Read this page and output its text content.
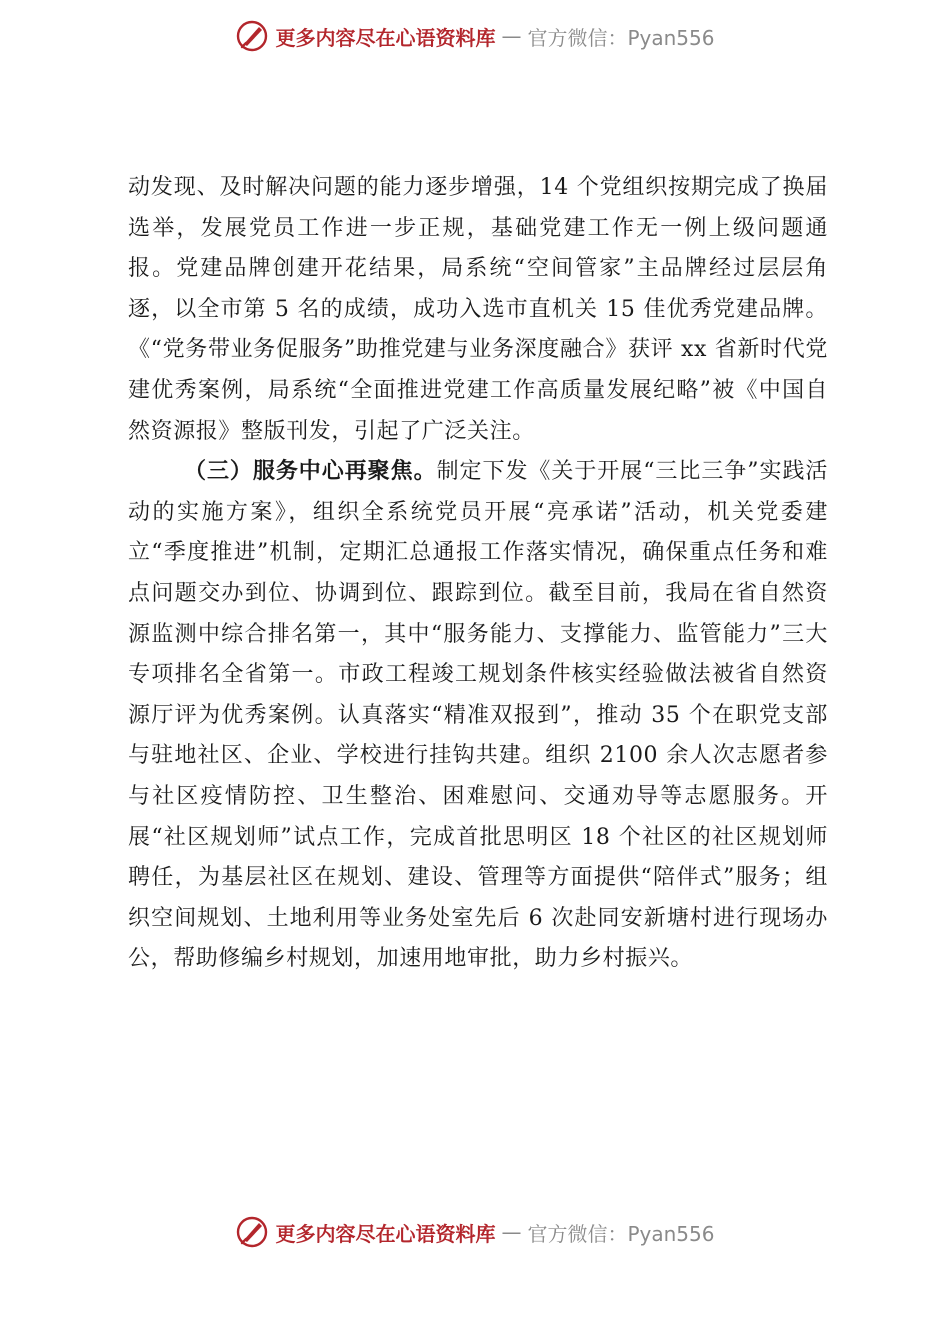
更多内容尽在心语资料库 — 官方微信：Pyan556

动发现、及时解决问题的能力逐步增强，14 个党组织按期完成了换届选举，发展党员工作进一步正规，基础党建工作无一例上级问题通报。党建品牌创建开花结果，局系统“空间管家”主品牌经过层层角逐，以全市第 5 名的成绩，成功入选市直机关 15 佳优秀党建品牌。《“党务带业务促服务”助推党建与业务深度融合》获评 xx 省新时代党建优秀案例，局系统“全面推进党建工作高质量发展纪略”被《中国自然资源报》整版刊发，引起了广泛关注。

（三）服务中心再聚焦。制定下发《关于开展“三比三争”实践活动的实施方案》，组织全系统党员开展“亮承诺”活动，机关党委建立“季度推进”机制，定期汇总通报工作落实情况，确保重点任务和难点问题交办到位、协调到位、跟踪到位。截至目前，我局在省自然资源监测中综合排名第一，其中“服务能力、支撑能力、监管能力”三大专项排名全省第一。市政工程竣工规划条件核实经验做法被省自然资源厅评为优秀案例。认真落实“精准双报到”，推动 35 个在职党支部与驻地社区、企业、学校进行挂钩共建。组织 2100 余人次志愿者参与社区疫情防控、卫生整治、困难慰问、交通劝导等志愿服务。开展“社区规划师”试点工作，完成首批思明区 18 个社区的社区规划师聘任，为基层社区在规划、建设、管理等方面提供“陪伴式”服务；组织空间规划、土地利用等业务处室先后 6 次赴同安新塘村进行现场办公，帮助修编乡村规划，加速用地审批，助力乡村振兴。

更多内容尽在心语资料库 — 官方微信：Pyan556
